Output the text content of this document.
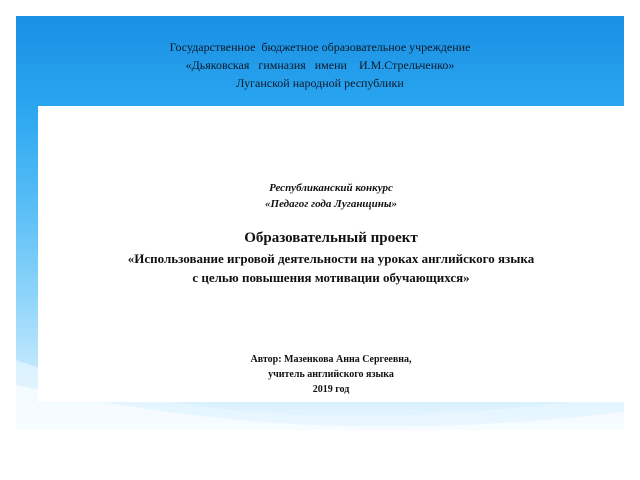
Государственное  бюджетное образовательное учреждение
«Дьяковская   гимназия   имени    И.М.Стрельченко»
Луганской народной республики
Республиканский конкурс
«Педагог года Луганщины»
Образовательный проект
«Использование игровой деятельности на уроках английского языка
с целью повышения мотивации обучающихся»
Автор: Мазенкова Анна Сергеевна,
учитель английского языка
2019 год
